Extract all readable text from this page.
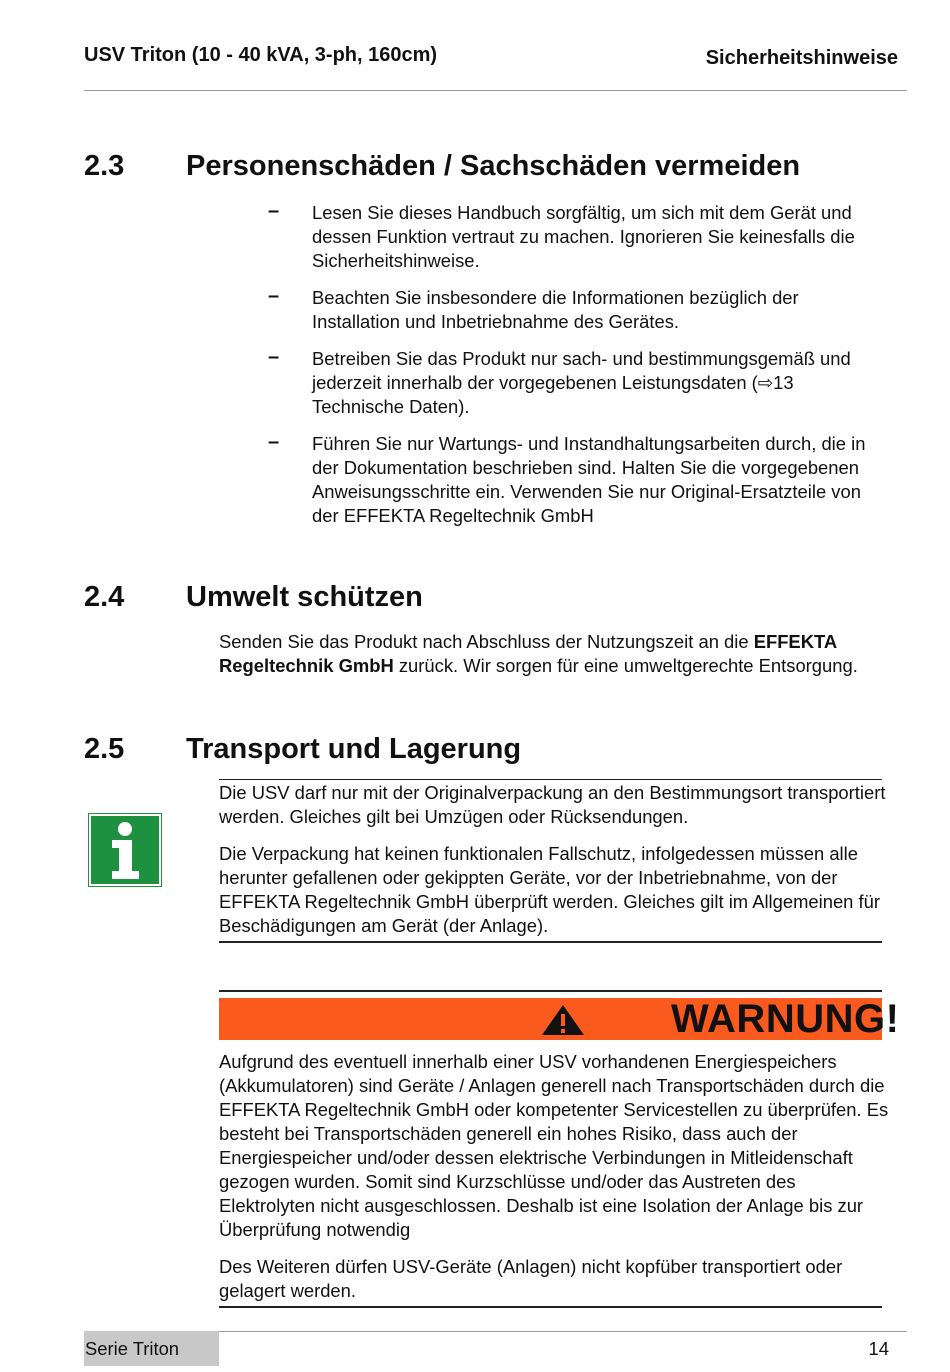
USV Triton (10 - 40 kVA, 3-ph, 160cm)	Sicherheitshinweise
2.3 Personenschäden / Sachschäden vermeiden
– Lesen Sie dieses Handbuch sorgfältig, um sich mit dem Gerät und dessen Funktion vertraut zu machen. Ignorieren Sie keinesfalls die Sicherheitshinweise.
– Beachten Sie insbesondere die Informationen bezüglich der Installation und Inbetriebnahme des Gerätes.
– Betreiben Sie das Produkt nur sach- und bestimmungsgemäß und jederzeit innerhalb der vorgegebenen Leistungsdaten (⇨13 Technische Daten).
– Führen Sie nur Wartungs- und Instandhaltungsarbeiten durch, die in der Dokumentation beschrieben sind. Halten Sie die vorgegebenen Anweisungsschritte ein. Verwenden Sie nur Original-Ersatzteile von der EFFEKTA Regeltechnik GmbH
2.4 Umwelt schützen

Senden Sie das Produkt nach Abschluss der Nutzungszeit an die EFFEKTA Regeltechnik GmbH zurück. Wir sorgen für eine umweltgerechte Entsorgung.

2.5 Transport und Lagerung

Die USV darf nur mit der Originalverpackung an den Bestimmungsort transportiert werden. Gleiches gilt bei Umzügen oder Rücksendungen.

Die Verpackung hat keinen funktionalen Fallschutz, infolgedessen müssen alle herunter gefallenen oder gekippten Geräte, vor der Inbetriebnahme, von der EFFEKTA Regeltechnik GmbH überprüft werden. Gleiches gilt im Allgemeinen für Beschädigungen am Gerät (der Anlage).

WARNUNG!

Aufgrund des eventuell innerhalb einer USV vorhandenen Energiespeichers (Akkumulatoren) sind Geräte / Anlagen generell nach Transportschäden durch die EFFEKTA Regeltechnik GmbH oder kompetenter Servicestellen zu überprüfen. Es besteht bei Transportschäden generell ein hohes Risiko, dass auch der Energiespeicher und/oder dessen elektrische Verbindungen in Mitleidenschaft gezogen wurden. Somit sind Kurzschlüsse und/oder das Austreten des Elektrolyten nicht ausgeschlossen. Deshalb ist eine Isolation der Anlage bis zur Überprüfung notwendig

Des Weiteren dürfen USV-Geräte (Anlagen) nicht kopfüber transportiert oder gelagert werden.

Serie Triton	14
